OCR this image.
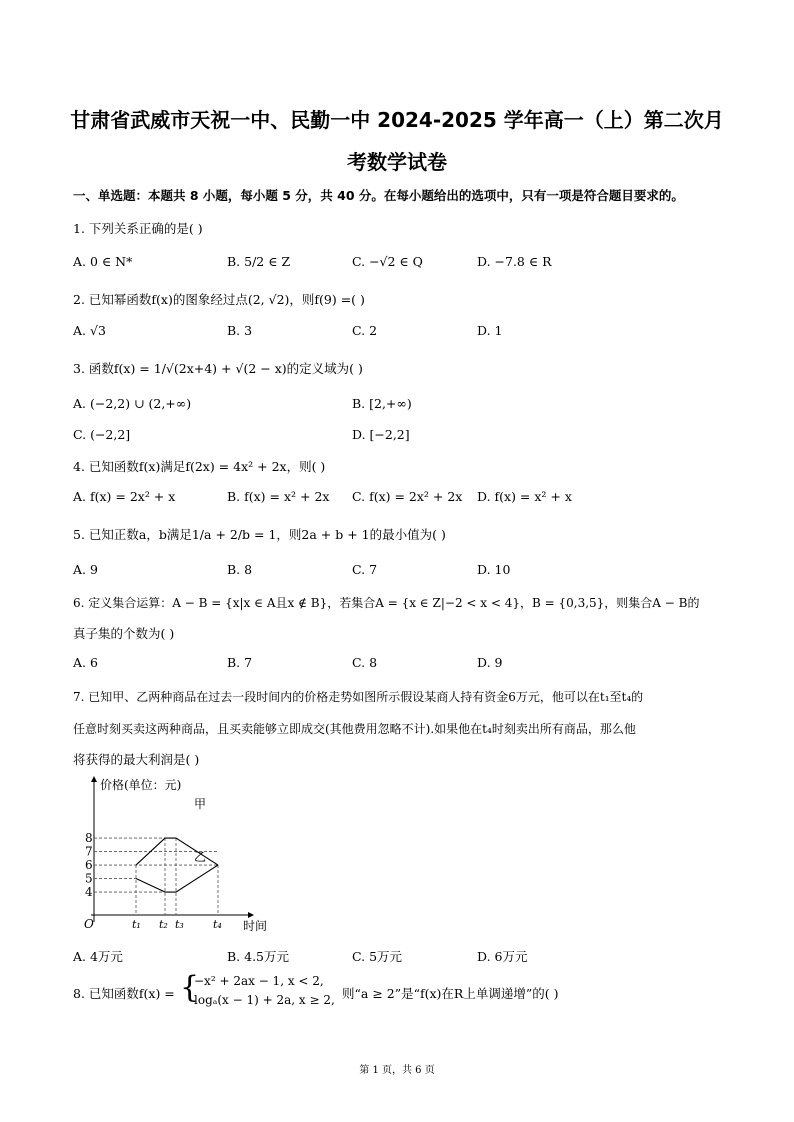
甘肃省武威市天祝一中、民勤一中 2024-2025 学年高一（上）第二次月
考数学试卷
一、单选题：本题共 8 小题，每小题 5 分，共 40 分。在每小题给出的选项中，只有一项是符合题目要求的。
1. 下列关系正确的是( )
A. 0 ∈ N*	B. 5/2 ∈ Z	C. −√2 ∈ Q	D. −7.8 ∈ R
2. 已知幂函数f(x)的图象经过点(2, √2)，则f(9) =( )
A. √3	B. 3	C. 2	D. 1
3. 函数f(x) = 1/√(2x+4) + √(2 − x)的定义域为( )
A. (−2,2) ∪ (2,+∞)	B. [2,+∞)
C. (−2,2]	D. [−2,2]
4. 已知函数f(x)满足f(2x) = 4x² + 2x，则( )
A. f(x) = 2x² + x	B. f(x) = x² + 2x C. f(x) = 2x² + 2x D. f(x) = x² + x
5. 已知正数a，b满足1/a + 2/b = 1，则2a + b + 1的最小值为( )
A. 9	B. 8	C. 7	D. 10
6. 定义集合运算：A − B = {x|x ∈ A且x ∉ B}，若集合A = {x ∈ Z|−2 < x < 4}，B = {0,3,5}，则集合A − B的
真子集的个数为( )
A. 6	B. 7	C. 8	D. 9
7. 已知甲、乙两种商品在过去一段时间内的价格走势如图所示假设某商人持有资金6万元，他可以在t₁至t₄的
任意时刻买卖这两种商品，且买卖能够立即成交(其他费用忽略不计).如果他在t₄时刻卖出所有商品，那么他
将获得的最大利润是( )
价格(单位：元)
时间
O
4
5
6
7
8
t₁ t₂ t₃	t₄
甲
乙
A. 4万元	B. 4.5万元	C. 5万元	D. 6万元
8. 已知函数f(x) = {
−x² + 2ax − 1, x < 2,
logₐ(x − 1) + 2a, x ≥ 2, 则“a ≥ 2”是“f(x)在R上单调递增”的( )
第 1 页，共 6 页
